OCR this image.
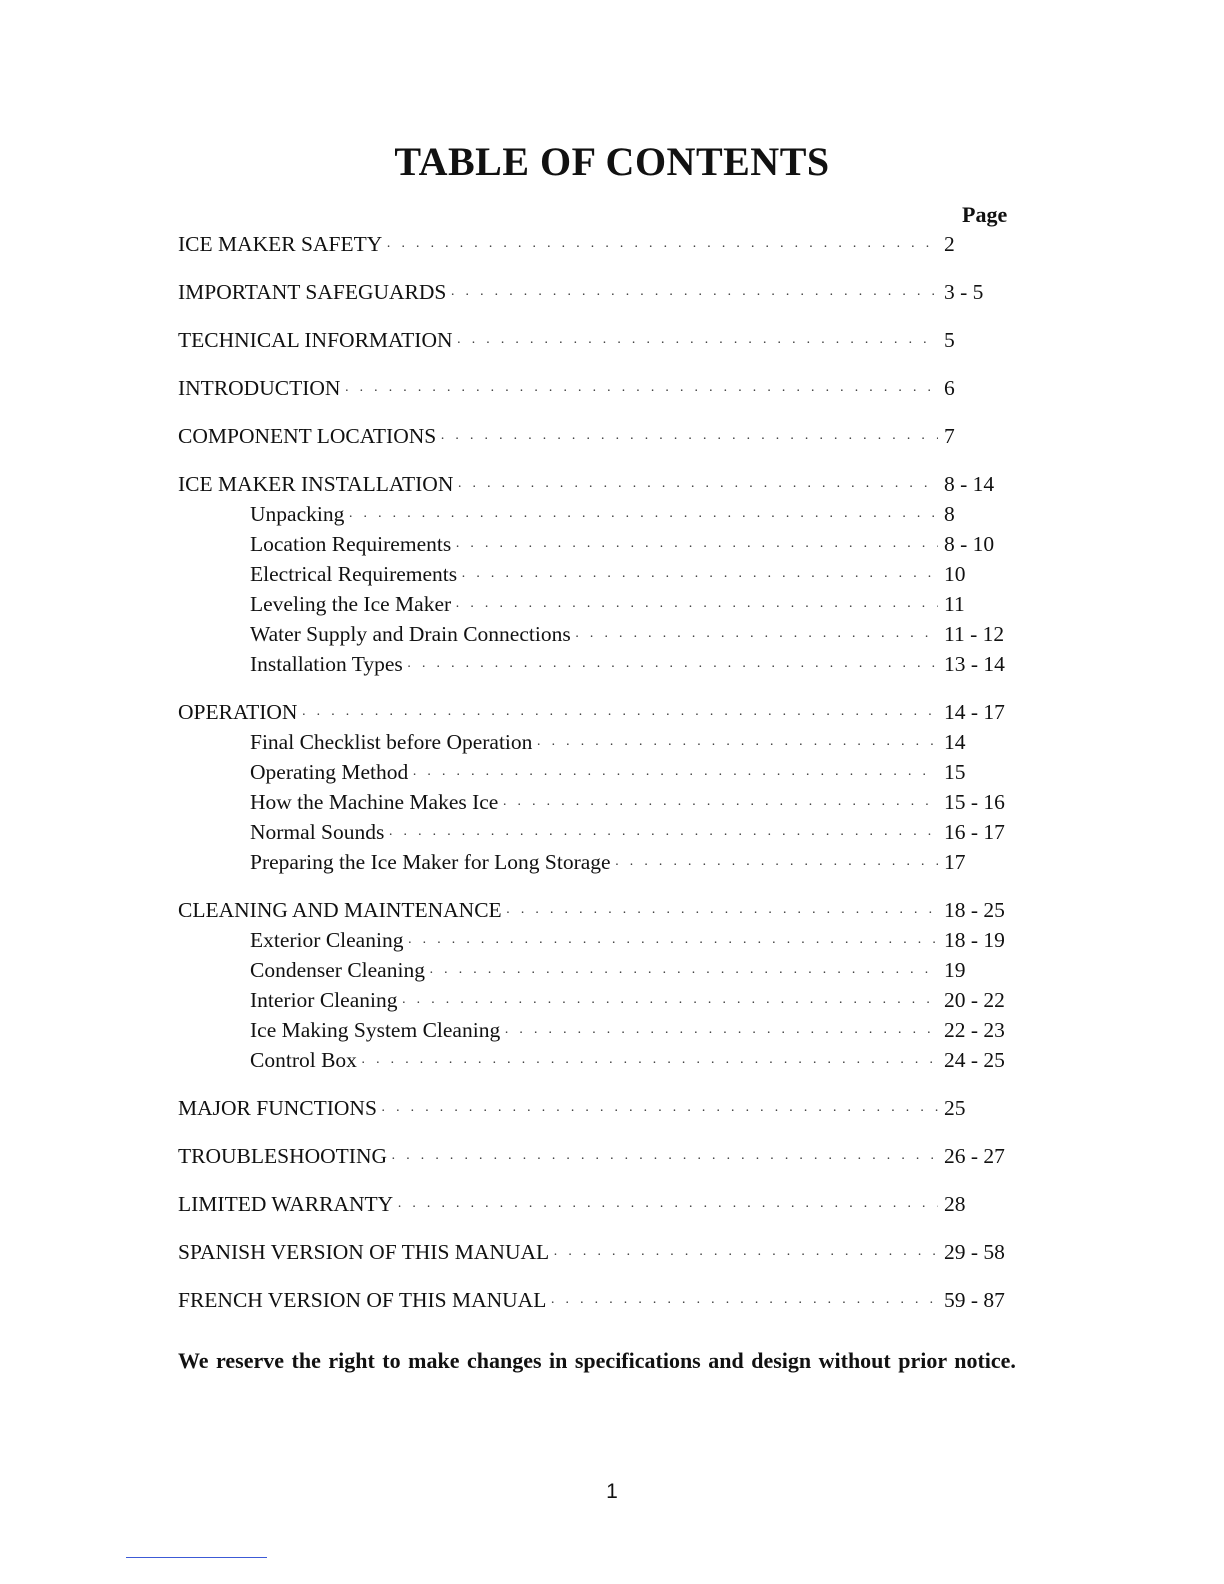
TABLE OF CONTENTS
Page
ICE MAKER SAFETY · · ·	2
IMPORTANT SAFEGUARDS · · ·	3 - 5
TECHNICAL INFORMATION · · ·	5
INTRODUCTION · · ·	6
COMPONENT LOCATIONS · · ·	7
ICE MAKER INSTALLATION · · ·	8 - 14
Unpacking · · ·	8
Location Requirements · · ·	8 - 10
Electrical Requirements · · ·	10
Leveling the Ice Maker · · ·	11
Water Supply and Drain Connections · · ·	11 - 12
Installation Types · · ·	13 - 14
OPERATION · · ·	14 - 17
Final Checklist before Operation · · ·	14
Operating Method · · ·	15
How the Machine Makes Ice · · ·	15 - 16
Normal Sounds · · ·	16 - 17
Preparing the Ice Maker for Long Storage · · ·	17
CLEANING AND MAINTENANCE · · ·	18 - 25
Exterior Cleaning · · ·	18 - 19
Condenser Cleaning · · ·	19
Interior Cleaning · · ·	20 - 22
Ice Making System Cleaning · · ·	22 - 23
Control Box · · ·	24 - 25
MAJOR FUNCTIONS · · ·	25
TROUBLESHOOTING · · ·	26 - 27
LIMITED WARRANTY · · ·	28
SPANISH VERSION OF THIS MANUAL · · ·	29 - 58
FRENCH VERSION OF THIS MANUAL · · ·	59 - 87

We reserve the right to make changes in specifications and design without prior notice.

1
